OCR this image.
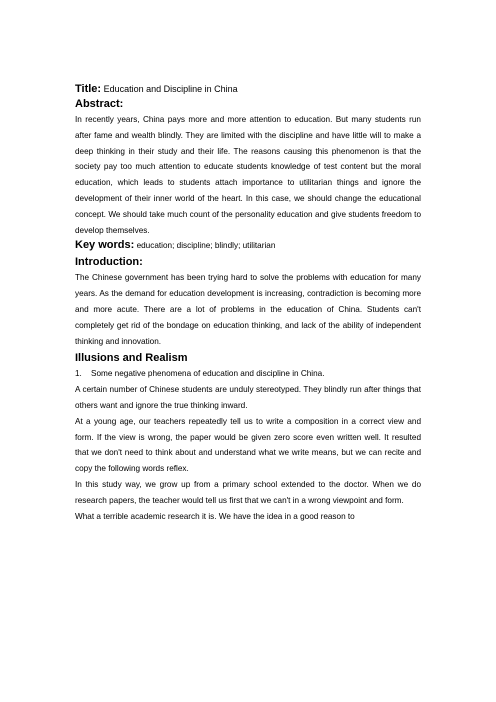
Title: Education and Discipline in China
Abstract:

In recently years, China pays more and more attention to education. But many students run after fame and wealth blindly. They are limited with the discipline and have little will to make a deep thinking in their study and their life. The reasons causing this phenomenon is that the society pay too much attention to educate students knowledge of test content but the moral education, which leads to students attach importance to utilitarian things and ignore the development of their inner world of the heart. In this case, we should change the educational concept. We should take much count of the personality education and give students freedom to develop themselves.

Key words: education; discipline; blindly; utilitarian
Introduction:

The Chinese government has been trying hard to solve the problems with education for many years. As the demand for education development is increasing, contradiction is becoming more and more acute. There are a lot of problems in the education of China. Students can't completely get rid of the bondage on education thinking, and lack of the ability of independent thinking and innovation.

Illusions and Realism

1. Some negative phenomena of education and discipline in China.

A certain number of Chinese students are unduly stereotyped. They blindly run after things that others want and ignore the true thinking inward.

At a young age, our teachers repeatedly tell us to write a composition in a correct view and form. If the view is wrong, the paper would be given zero score even written well. It resulted that we don't need to think about and understand what we write means, but we can recite and copy the following words reflex.

In this study way, we grow up from a primary school extended to the doctor. When we do research papers, the teacher would tell us first that we can't in a wrong viewpoint and form.

What a terrible academic research it is. We have the idea in a good reason to
